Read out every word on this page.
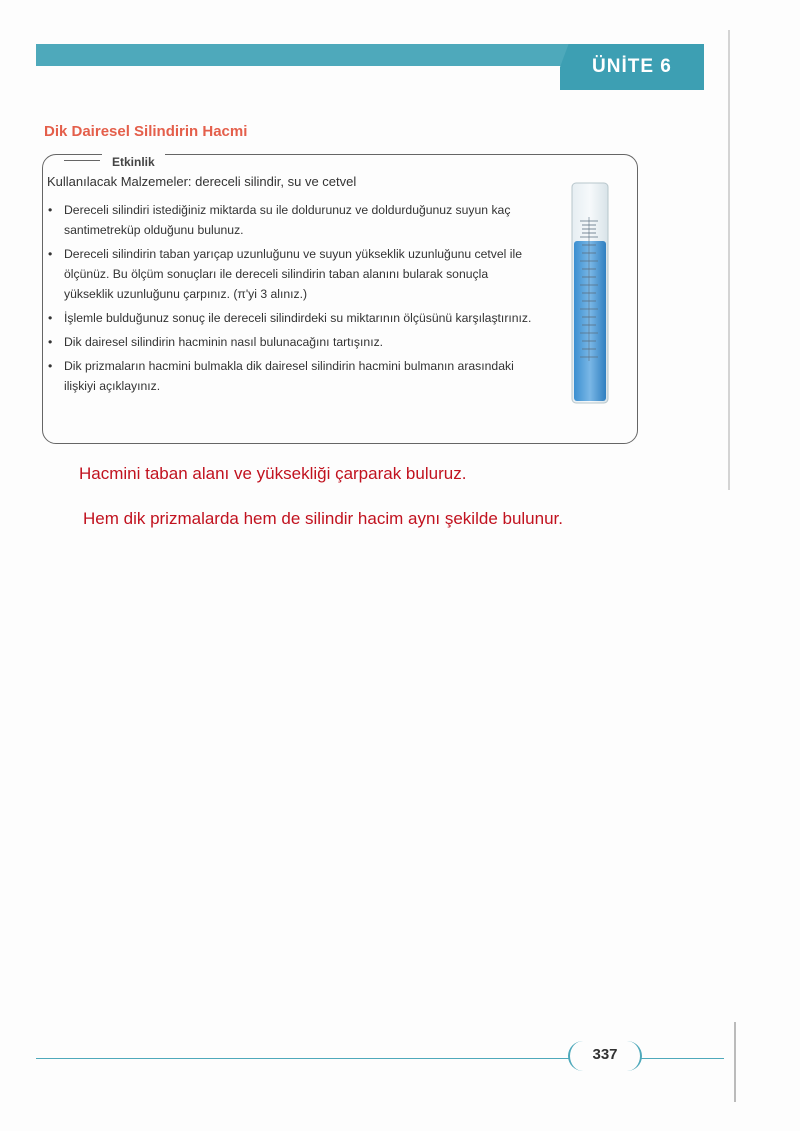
ÜNİTE 6
Dik Dairesel Silindirin Hacmi
Etkinlik
Kullanılacak Malzemeler: dereceli silindir, su ve cetvel
• Dereceli silindiri istediğiniz miktarda su ile doldurunuz ve doldurduğunuz suyun kaç santimetreküp olduğunu bulunuz.
• Dereceli silindirin taban yarıçap uzunluğunu ve suyun yükseklik uzunluğunu cetvel ile ölçünüz. Bu ölçüm sonuçları ile dereceli silindirin taban alanını bularak sonuçla yükseklik uzunluğunu çarpınız. (π'yi 3 alınız.)
• İşlemle bulduğunuz sonuç ile dereceli silindirdeki su miktarının ölçüsünü karşılaştırınız.
• Dik dairesel silindirin hacminin nasıl bulunacağını tartışınız.
• Dik prizmaların hacmini bulmakla dik dairesel silindirin hacmini bulmanın arasındaki ilişkiyi açıklayınız.
Hacmini taban alanı ve yüksekliği çarparak buluruz.
Hem dik prizmalarda hem de silindir hacim aynı şekilde bulunur.
337
